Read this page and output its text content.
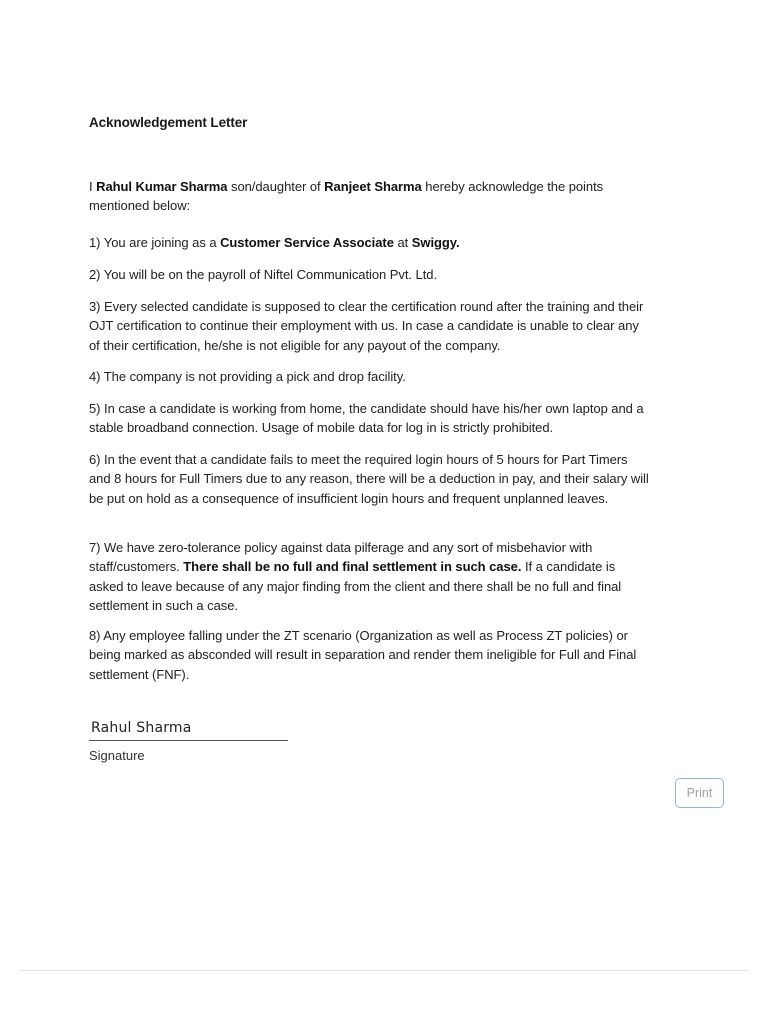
Acknowledgement Letter
I Rahul Kumar Sharma son/daughter of Ranjeet Sharma hereby acknowledge the points mentioned below:
1) You are joining as a Customer Service Associate at Swiggy.
2) You will be on the payroll of Niftel Communication Pvt. Ltd.
3) Every selected candidate is supposed to clear the certification round after the training and their OJT certification to continue their employment with us. In case a candidate is unable to clear any of their certification, he/she is not eligible for any payout of the company.
4) The company is not providing a pick and drop facility.
5) In case a candidate is working from home, the candidate should have his/her own laptop and a stable broadband connection. Usage of mobile data for log in is strictly prohibited.
6) In the event that a candidate fails to meet the required login hours of 5 hours for Part Timers and 8 hours for Full Timers due to any reason, there will be a deduction in pay, and their salary will be put on hold as a consequence of insufficient login hours and frequent unplanned leaves.
7) We have zero-tolerance policy against data pilferage and any sort of misbehavior with staff/customers. There shall be no full and final settlement in such case. If a candidate is asked to leave because of any major finding from the client and there shall be no full and final settlement in such a case.
8) Any employee falling under the ZT scenario (Organization as well as Process ZT policies) or being marked as absconded will result in separation and render them ineligible for Full and Final settlement (FNF).
Rahul Sharma
Signature
Print
